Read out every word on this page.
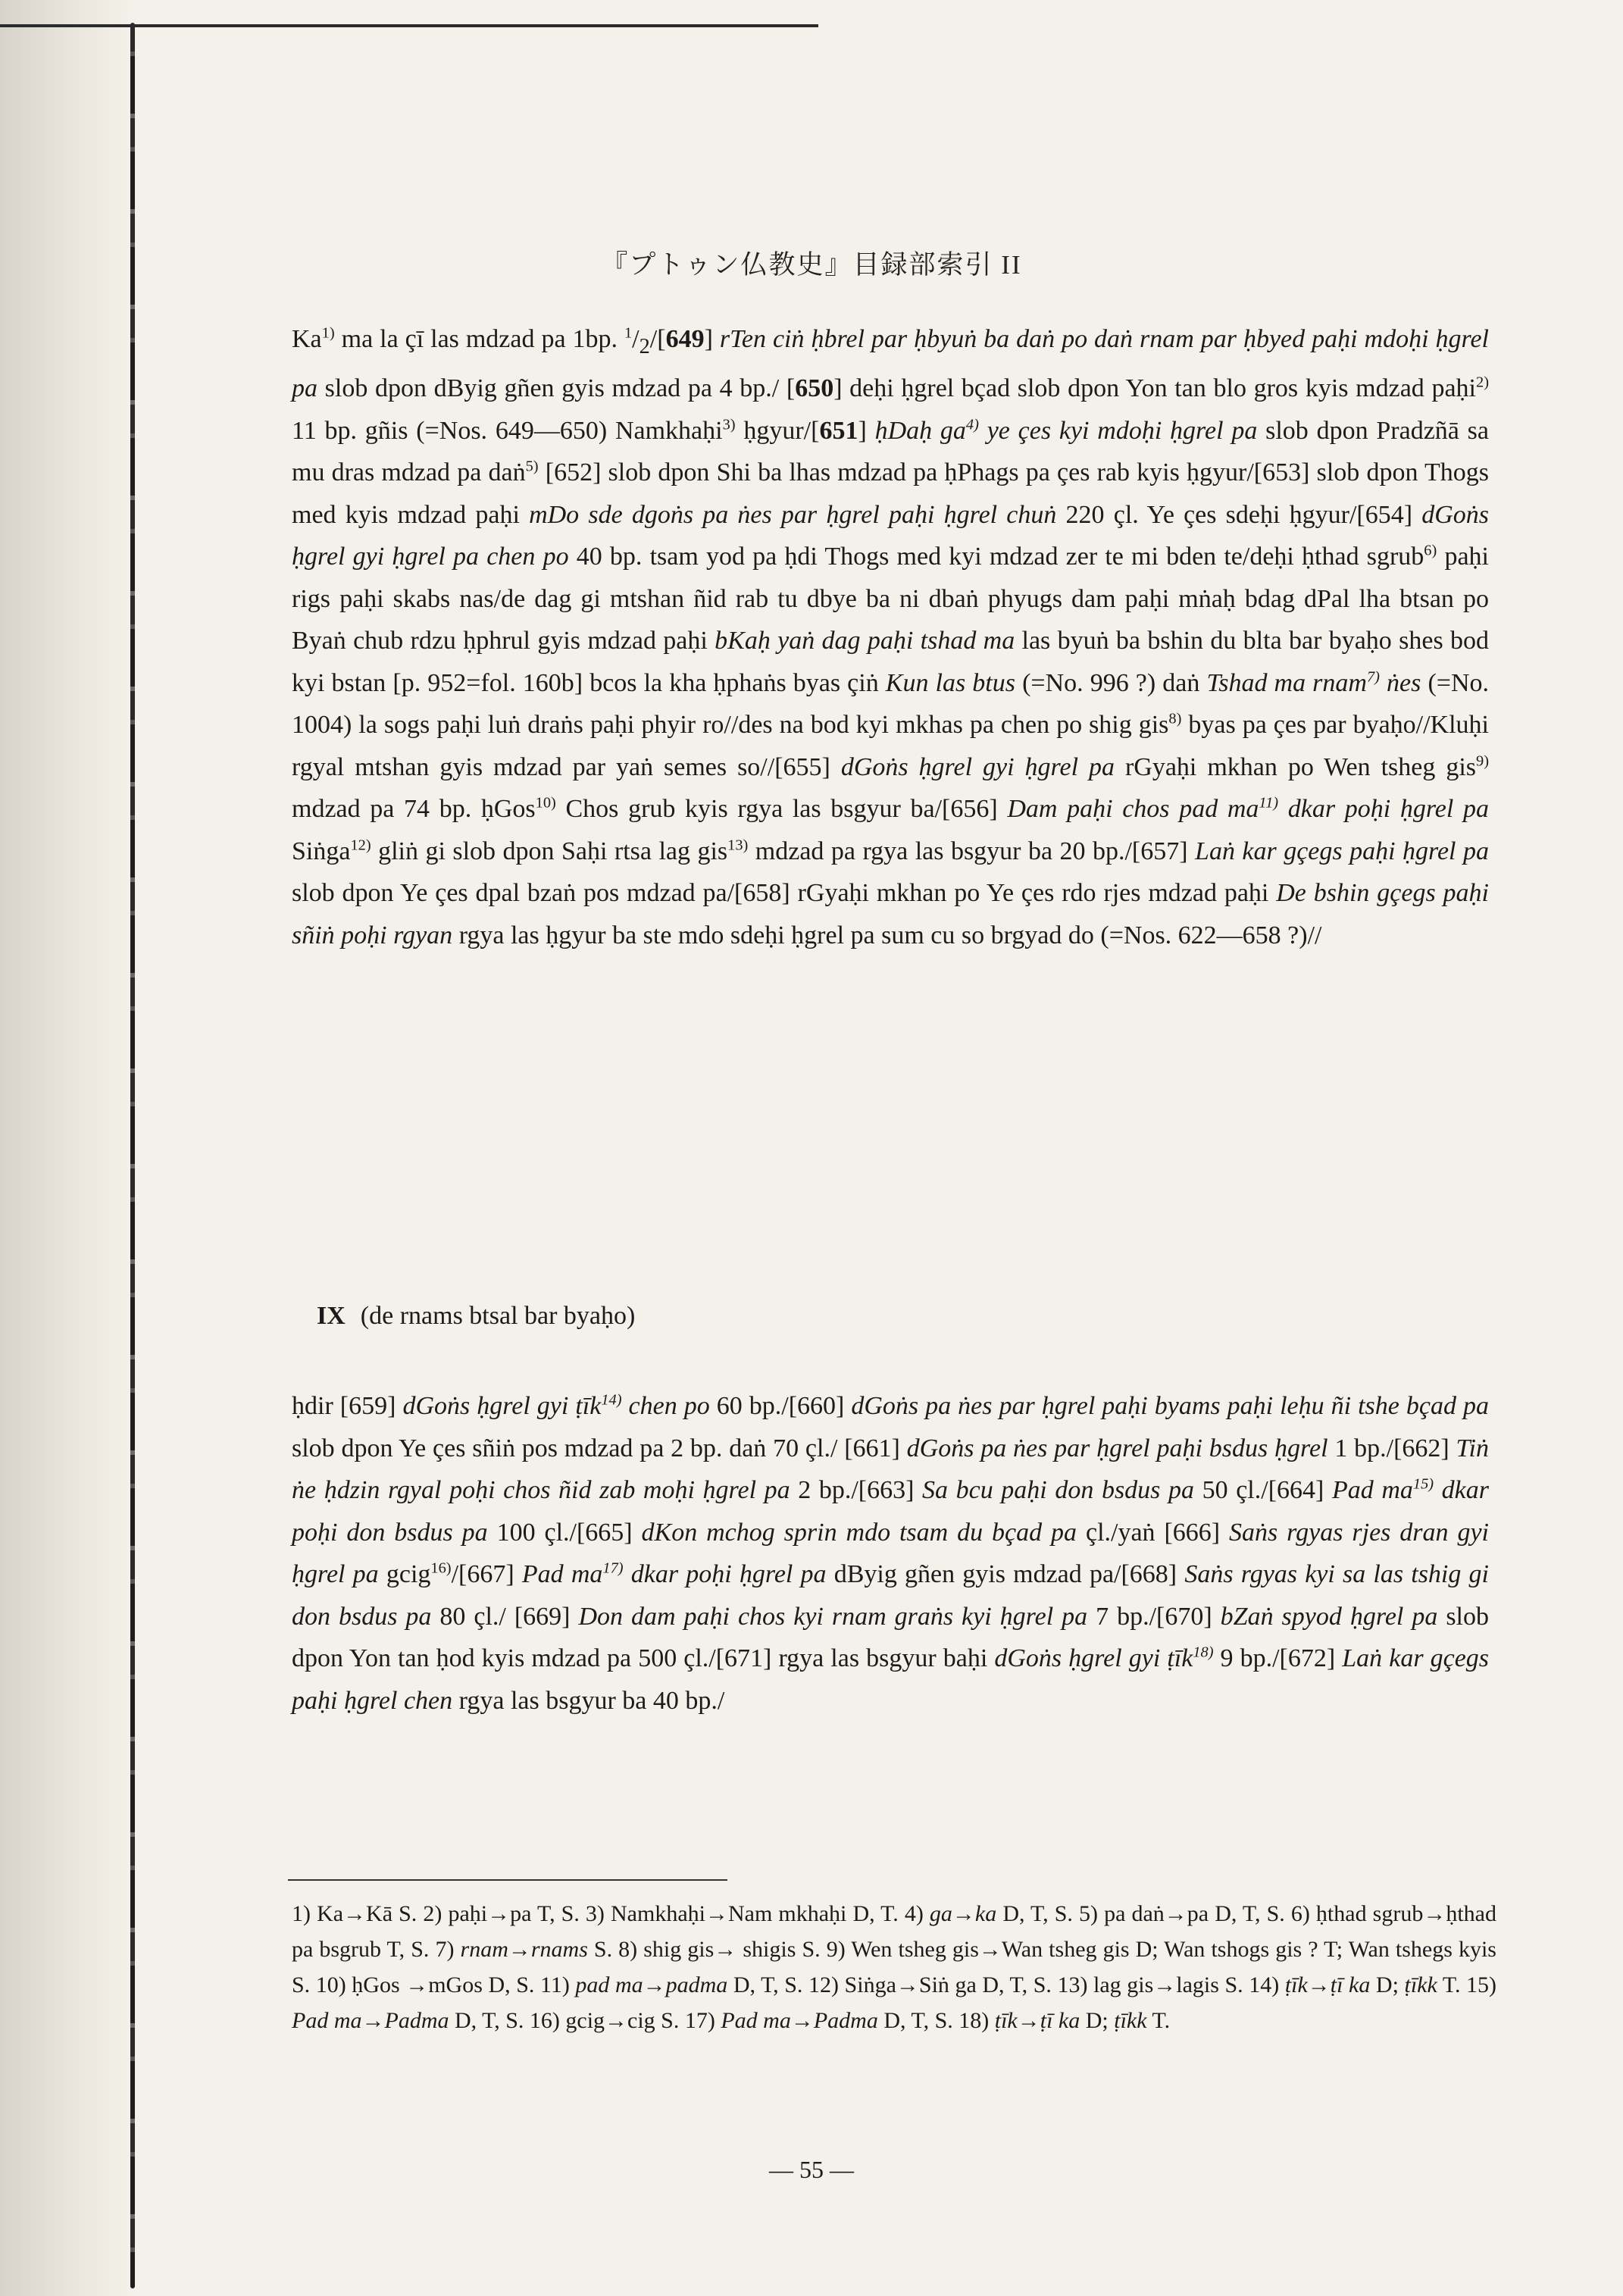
『プトゥン仏教史』目録部索引 II

Ka$^{1)}$ ma la çī las mdzad pa 1bp. $^1/_2/[649]$ rTen ciṅ ḥbrel par ḥbyuṅ ba daṅ po daṅ rnam par ḥbyed paḥi mdoḥi ḥgrel pa slob dpon dByig gñen gyis mdzad pa 4 bp./ [650] deḥi ḥgrel bçad slob dpon Yon tan blo gros kyis mdzad paḥi$^{2)}$ 11 bp. gñis (=Nos. 649—650) Namkhaḥi$^{3)}$ ḥgyur/[651] ḥDaḥ $ga^{4)}$ ye çes kyi mdoḥi ḥgrel pa slob dpon Pradzñā sa mu dras mdzad pa daṅ$^{5)}$ [652] slob dpon Shi ba lhas mdzad pa ḥPhags pa çes rab kyis ḥgyur/[653] slob dpon Thogs med kyis mdzad paḥi mDo sde dgoṅs pa ṅes par ḥgrel paḥi ḥgrel chuṅ 220 çl. Ye çes sdeḥi ḥgyur/[654] dGoṅs ḥgrel gyi ḥgrel pa chen po 40 bp. tsam yod pa ḥdi Thogs med kyi mdzad zer te mi bden te/deḥi ḥthad sgrub$^{6)}$ paḥi rigs paḥi skabs nas/de dag gi mtshan ñid rab tu dbye ba ni dbaṅ phyugs dam paḥi mṅaḥ bdag dPal lha btsan po Byaṅ chub rdzu ḥphrul gyis mdzad paḥi bKaḥ yaṅ dag paḥi tshad ma las byuṅ ba bshin du blta bar byaḥo shes bod kyi bstan [p. 952=fol. 160b] bcos la kha ḥphaṅs byas çiṅ Kun las btus (=No. 996 ?) daṅ Tshad ma rnam$^{7)}$ ṅes (=No. 1004) la sogs paḥi luṅ draṅs paḥi phyir ro//des na bod kyi mkhas pa chen po shig gis$^{8)}$ byas pa çes par byaḥo//Kluḥi rgyal mtshan gyis mdzad par yaṅ semes so//[655] dGoṅs ḥgrel gyi ḥgrel pa rGyaḥi mkhan po Wen tsheg gis$^{9)}$ mdzad pa 74 bp. ḥGos$^{10)}$ Chos grub kyis rgya las bsgyur ba/[656] Dam paḥi chos pad $ma^{11)}$ dkar poḥi ḥgrel pa Siṅga$^{12)}$ gliṅ gi slob dpon Saḥi rtsa lag gis$^{13)}$ mdzad pa rgya las bsgyur ba 20 bp./[657] Laṅ kar gçegs paḥi ḥgrel pa slob dpon Ye çes dpal bzaṅ pos mdzad pa/[658] rGyaḥi mkhan po Ye çes rdo rjes mdzad paḥi De bshin gçegs paḥi sñiṅ poḥi rgyan rgya las ḥgyur ba ste mdo sdeḥi ḥgrel pa sum cu so brgyad do (=Nos. 622—658 ?)//

IX (de rnams btsal bar byaḥo)

ḥdir [659] dGoṅs ḥgrel gyi ṭīk$^{14)}$ chen po 60 bp./[660] dGoṅs pa ṅes par ḥgrel paḥi byams paḥi leḥu ñi tshe bçad pa slob dpon Ye çes sñiṅ pos mdzad pa 2 bp. daṅ 70 çl./ [661] dGoṅs pa ṅes par ḥgrel paḥi bsdus ḥgrel 1 bp./[662] Tiṅ ṅe ḥdzin rgyal poḥi chos ñid zab moḥi ḥgrel pa 2 bp./[663] Sa bcu paḥi don bsdus pa 50 çl./[664] Pad $ma^{15)}$ dkar poḥi don bsdus pa 100 çl./[665] dKon mchog sprin mdo tsam du bçad pa çl./yaṅ [666] Saṅs rgyas rjes dran gyi ḥgrel pa gcig$^{16)}$/[667] Pad $ma^{17)}$ dkar poḥi ḥgrel pa dByig gñen gyis mdzad pa/[668] Saṅs rgyas kyi sa las tshig gi don bsdus pa 80 çl./ [669] Don dam paḥi chos kyi rnam graṅs kyi ḥgrel pa 7 bp./[670] bZaṅ spyod ḥgrel pa slob dpon Yon tan ḥod kyis mdzad pa 500 çl./[671] rgya las bsgyur baḥi dGoṅs ḥgrel gyi ṭīk$^{18)}$ 9 bp./[672] Laṅ kar gçegs paḥi ḥgrel chen rgya las bsgyur ba 40 bp./

1) Ka→Kā S. 2) paḥi→pa T, S. 3) Namkhaḥi→Nam mkhaḥi D, T. 4) ga→ka D, T, S. 5) pa daṅ→pa D, T, S. 6) ḥthad sgrub→ḥthad pa bsgrub T, S. 7) rnam→rnams S. 8) shig gis→ shigis S. 9) Wen tsheg gis→Wan tsheg gis D; Wan tshogs gis ? T; Wan tshegs kyis S. 10) ḥGos →mGos D, S. 11) pad ma→padma D, T, S. 12) Siṅga→Siṅ ga D, T, S. 13) lag gis→lagis S. 14) ṭīk→ṭī ka D; ṭīkk T. 15) Pad ma→Padma D, T, S. 16) gcig→cig S. 17) Pad ma→Padma D, T, S. 18) ṭīk→ṭī ka D; ṭīkk T.

— 55 —
